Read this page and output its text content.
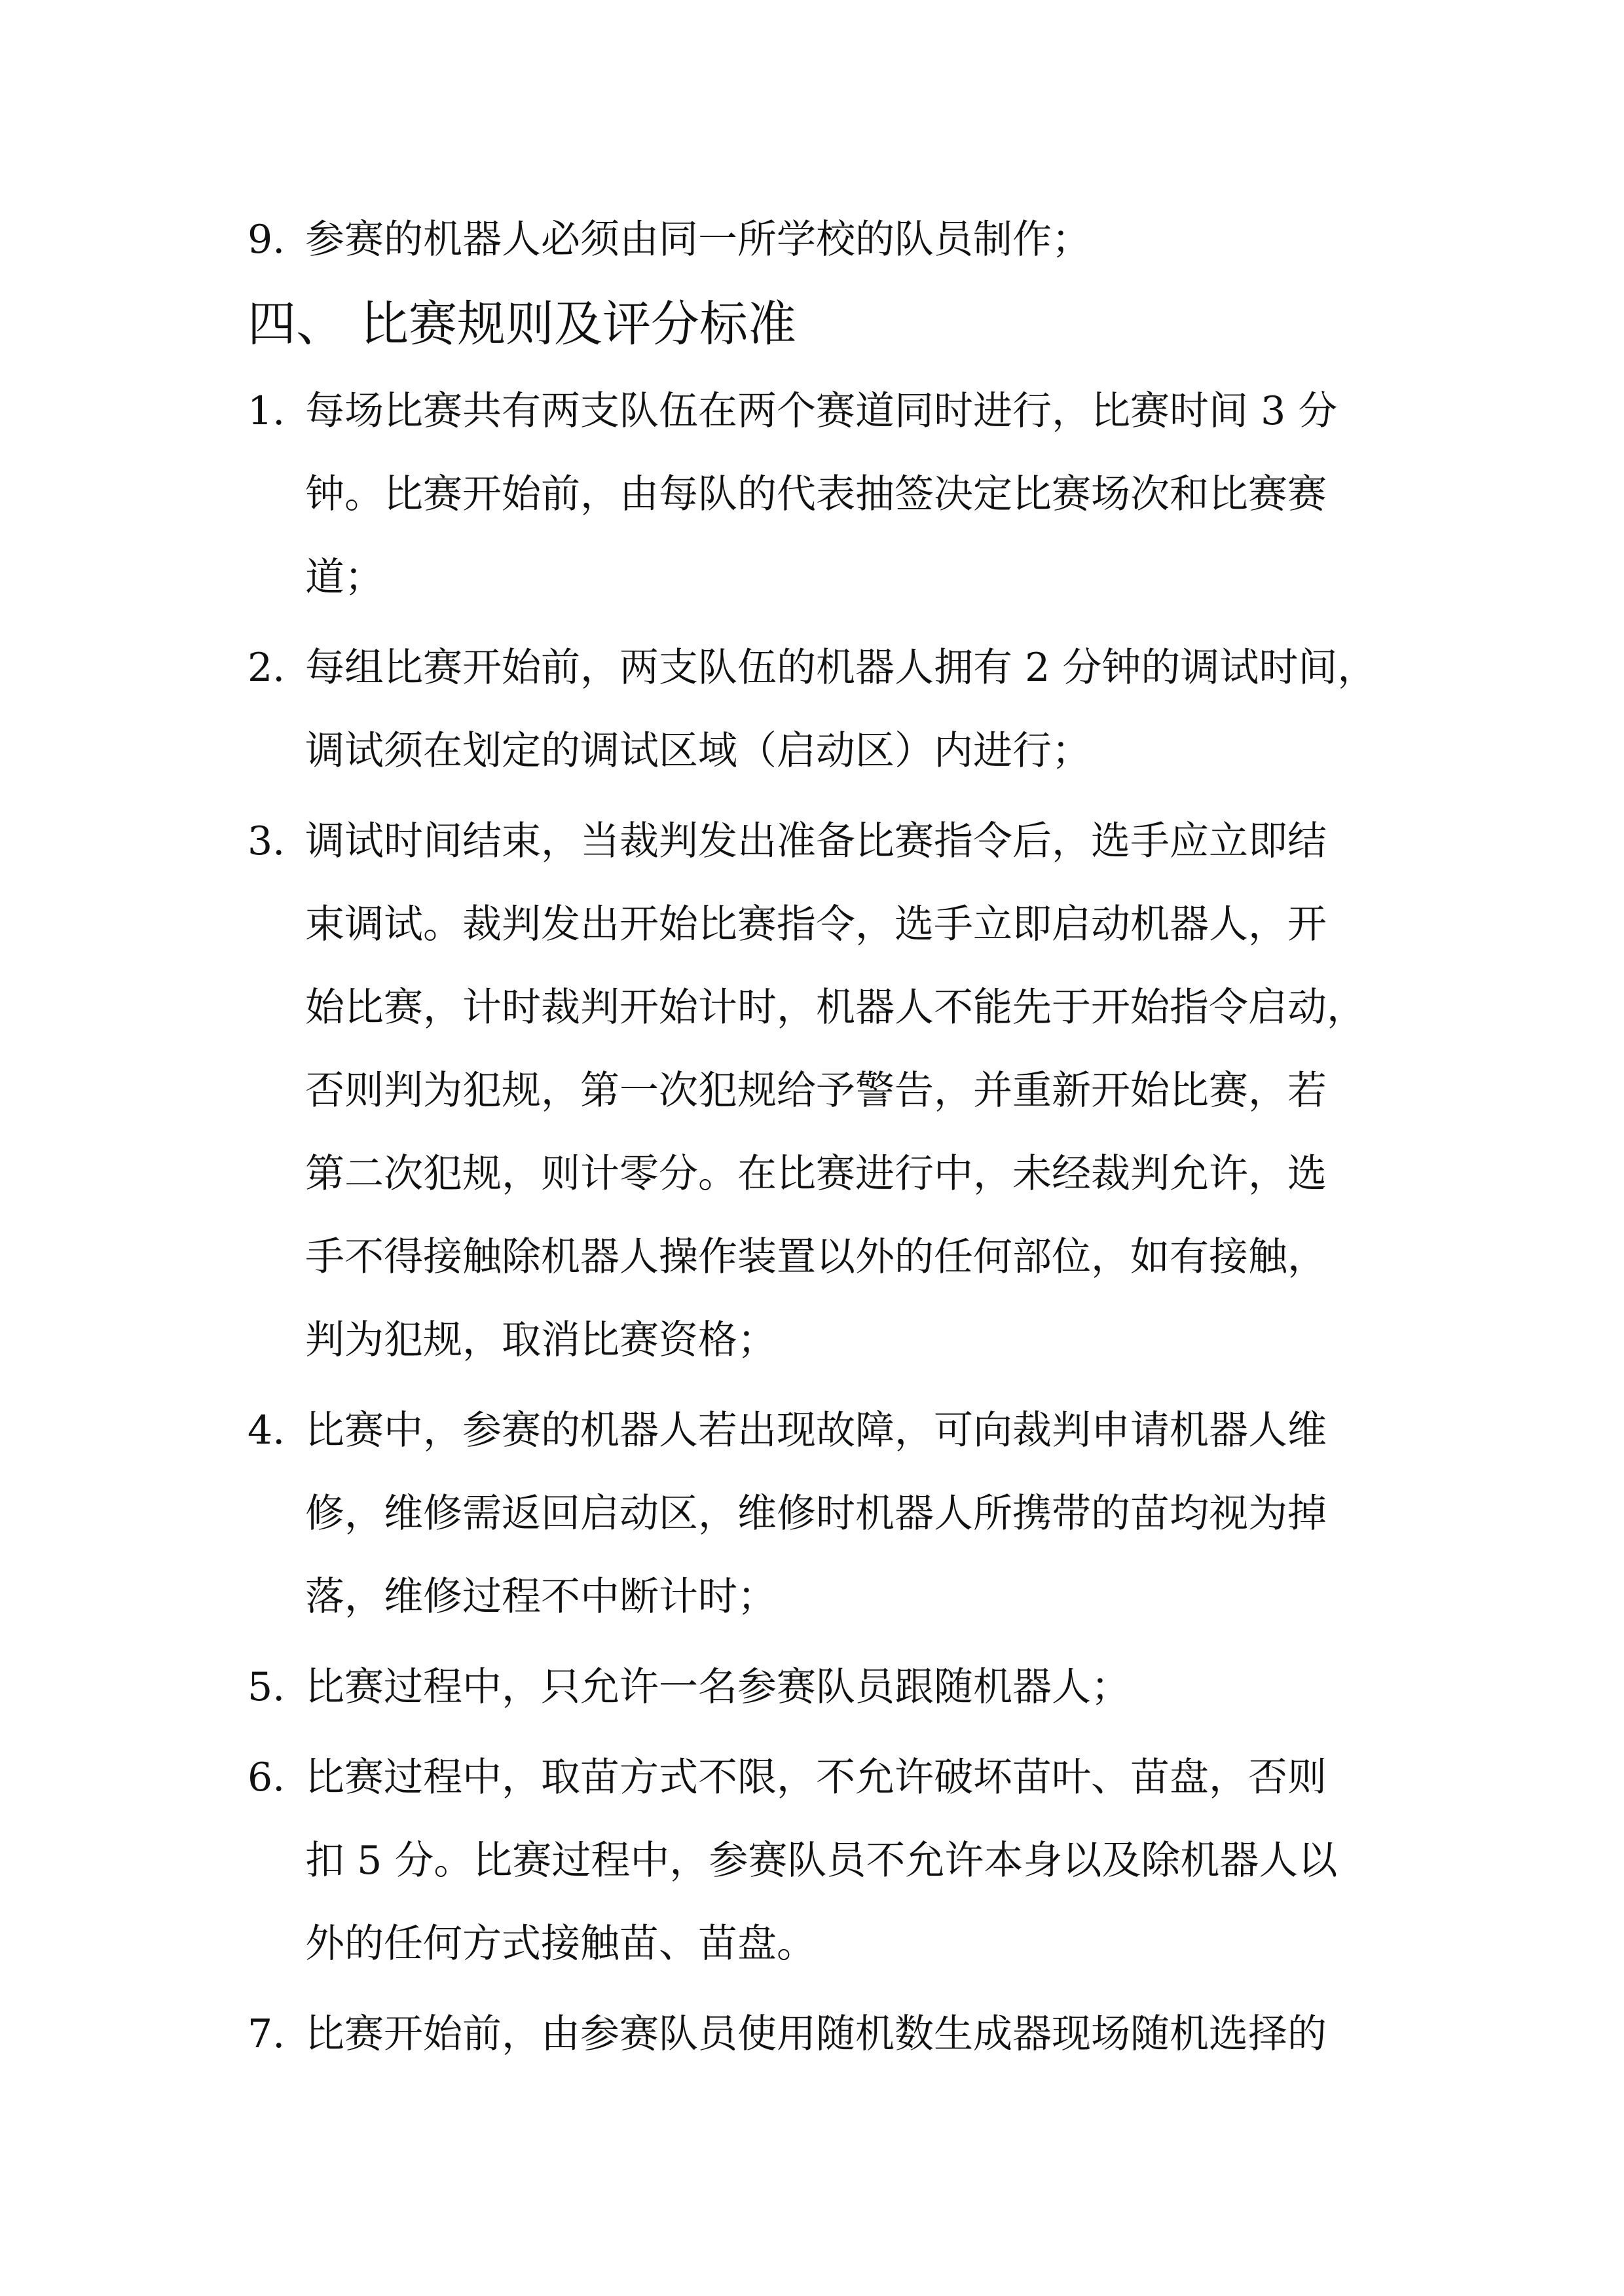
9. 参赛的机器人必须由同一所学校的队员制作；
四、 比赛规则及评分标准
1. 每场比赛共有两支队伍在两个赛道同时进行，比赛时间 3 分
钟。比赛开始前，由每队的代表抽签决定比赛场次和比赛赛
道；
2. 每组比赛开始前，两支队伍的机器人拥有 2 分钟的调试时间，
调试须在划定的调试区域（启动区）内进行；
3. 调试时间结束，当裁判发出准备比赛指令后，选手应立即结
束调试。裁判发出开始比赛指令，选手立即启动机器人，开
始比赛，计时裁判开始计时，机器人不能先于开始指令启动，
否则判为犯规，第一次犯规给予警告，并重新开始比赛，若
第二次犯规，则计零分。在比赛进行中，未经裁判允许，选
手不得接触除机器人操作装置以外的任何部位，如有接触，
判为犯规，取消比赛资格；
4. 比赛中，参赛的机器人若出现故障，可向裁判申请机器人维
修，维修需返回启动区，维修时机器人所携带的苗均视为掉
落，维修过程不中断计时；
5. 比赛过程中，只允许一名参赛队员跟随机器人；
6. 比赛过程中，取苗方式不限，不允许破坏苗叶、苗盘，否则
扣 5 分。比赛过程中，参赛队员不允许本身以及除机器人以
外的任何方式接触苗、苗盘。
7. 比赛开始前，由参赛队员使用随机数生成器现场随机选择的
